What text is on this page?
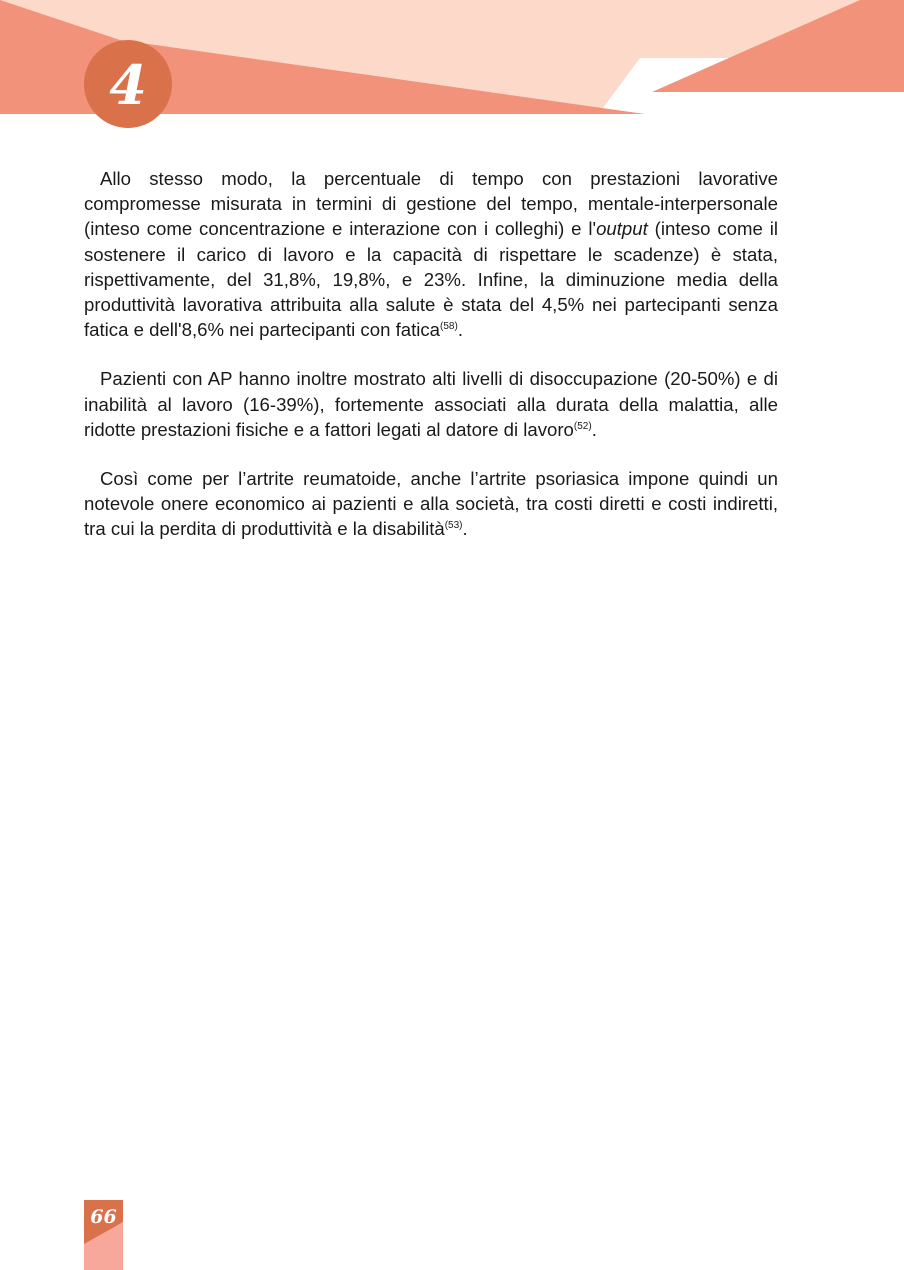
4

Allo stesso modo, la percentuale di tempo con prestazioni lavorative compromesse misurata in termini di gestione del tempo, mentale-interpersonale (inteso come concentrazione e interazione con i colleghi) e l'output (inteso come il sostenere il carico di lavoro e la capacità di rispettare le scadenze) è stata, rispettivamente, del 31,8%, 19,8%, e 23%. Infine, la diminuzione media della produttività lavorativa attribuita alla salute è stata del 4,5% nei partecipanti senza fatica e dell'8,6% nei partecipanti con fatica$^{(58)}$.

Pazienti con AP hanno inoltre mostrato alti livelli di disoccupazione (20-50%) e di inabilità al lavoro (16-39%), fortemente associati alla durata della malattia, alle ridotte prestazioni fisiche e a fattori legati al datore di lavoro$^{(52)}$.

Così come per l’artrite reumatoide, anche l’artrite psoriasica impone quindi un notevole onere economico ai pazienti e alla società, tra costi diretti e costi indiretti, tra cui la perdita di produttività e la disabilità$^{(53)}$.

66
